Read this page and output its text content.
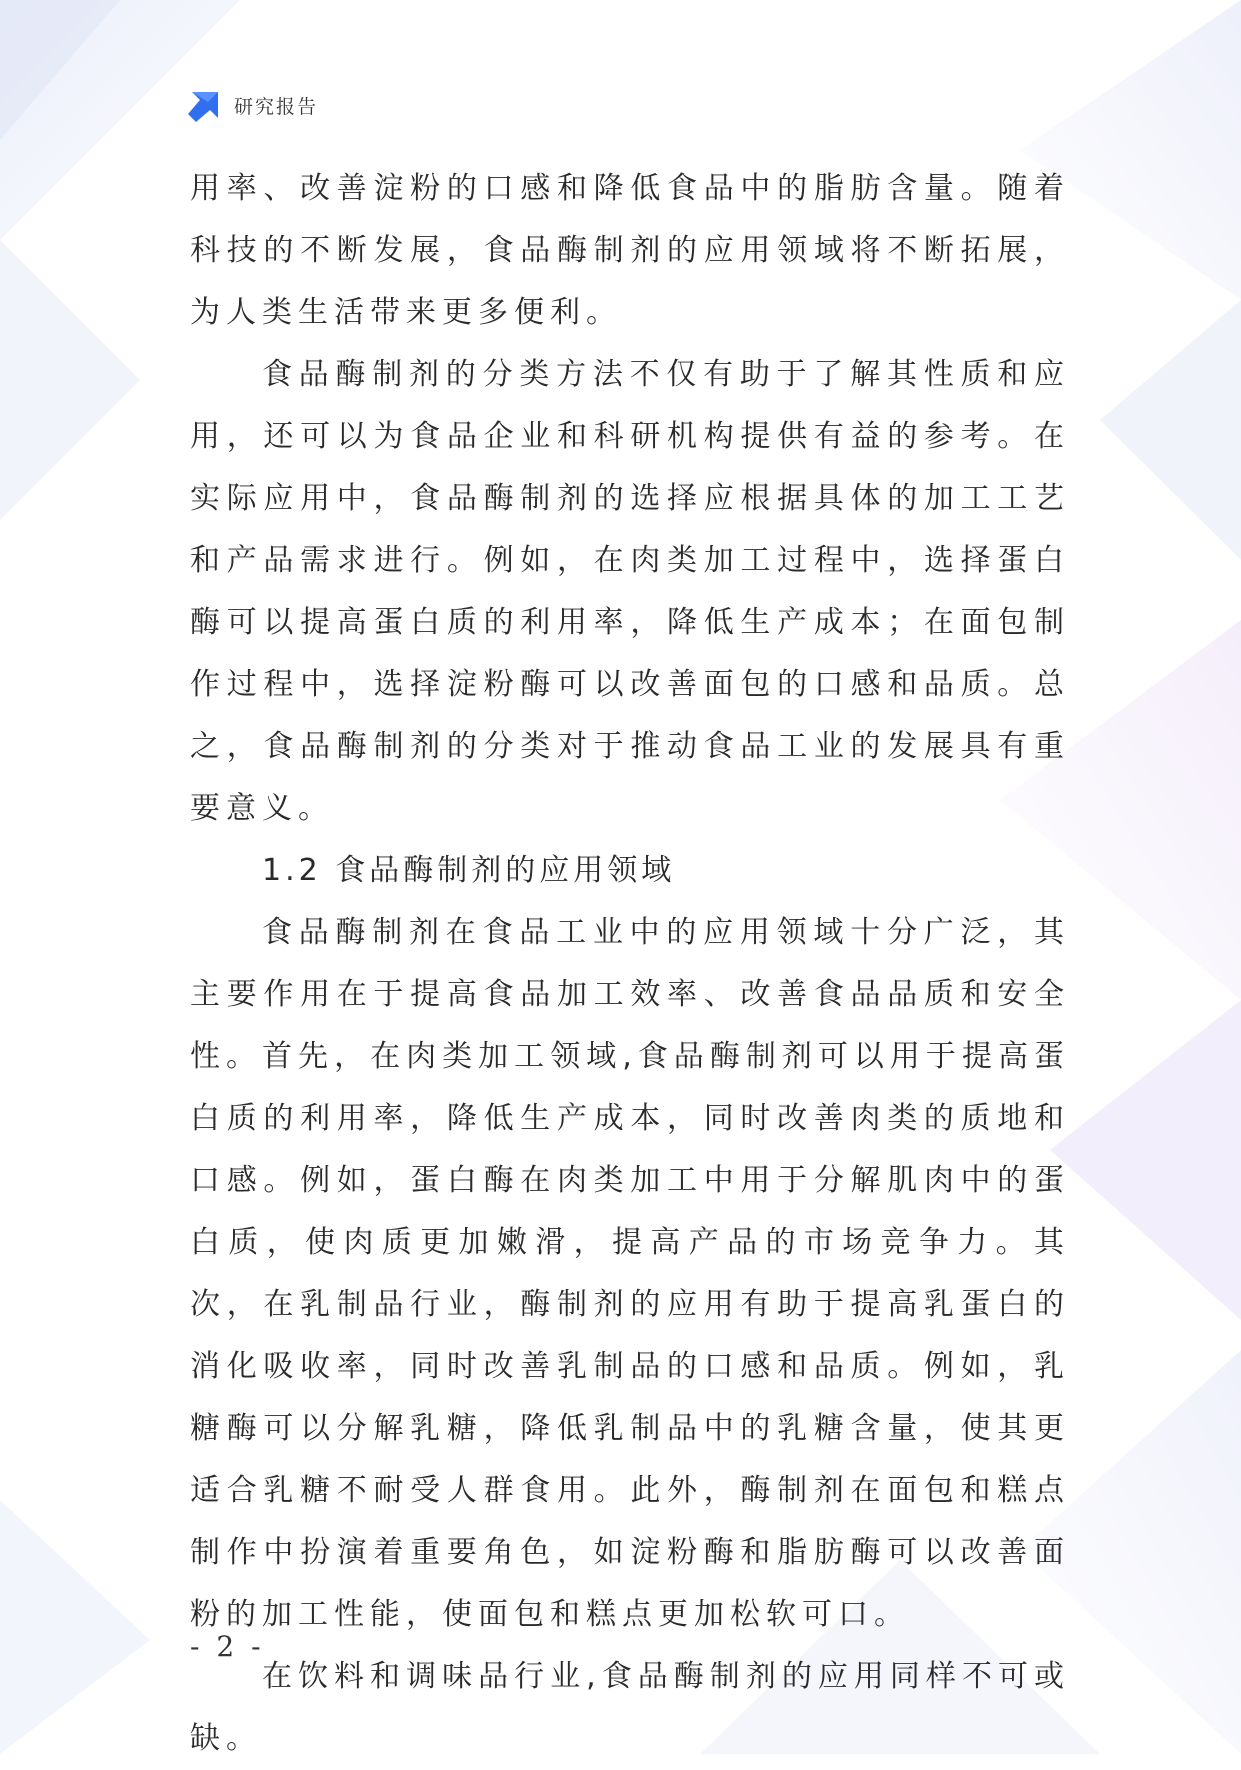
研究报告

用率、改善淀粉的口感和降低食品中的脂肪含量。随着科技的不断发展，食品酶制剂的应用领域将不断拓展，为人类生活带来更多便利。

食品酶制剂的分类方法不仅有助于了解其性质和应用，还可以为食品企业和科研机构提供有益的参考。在实际应用中，食品酶制剂的选择应根据具体的加工工艺和产品需求进行。例如，在肉类加工过程中，选择蛋白酶可以提高蛋白质的利用率，降低生产成本；在面包制作过程中，选择淀粉酶可以改善面包的口感和品质。总之，食品酶制剂的分类对于推动食品工业的发展具有重要意义。

1.2 食品酶制剂的应用领域

食品酶制剂在食品工业中的应用领域十分广泛，其主要作用在于提高食品加工效率、改善食品品质和安全性。首先，在肉类加工领域,食品酶制剂可以用于提高蛋白质的利用率，降低生产成本，同时改善肉类的质地和口感。例如，蛋白酶在肉类加工中用于分解肌肉中的蛋白质，使肉质更加嫩滑，提高产品的市场竞争力。其次，在乳制品行业，酶制剂的应用有助于提高乳蛋白的消化吸收率，同时改善乳制品的口感和品质。例如，乳糖酶可以分解乳糖，降低乳制品中的乳糖含量，使其更适合乳糖不耐受人群食用。此外，酶制剂在面包和糕点制作中扮演着重要角色，如淀粉酶和脂肪酶可以改善面粉的加工性能，使面包和糕点更加松软可口。

在饮料和调味品行业,食品酶制剂的应用同样不可或缺。

- 2 -
